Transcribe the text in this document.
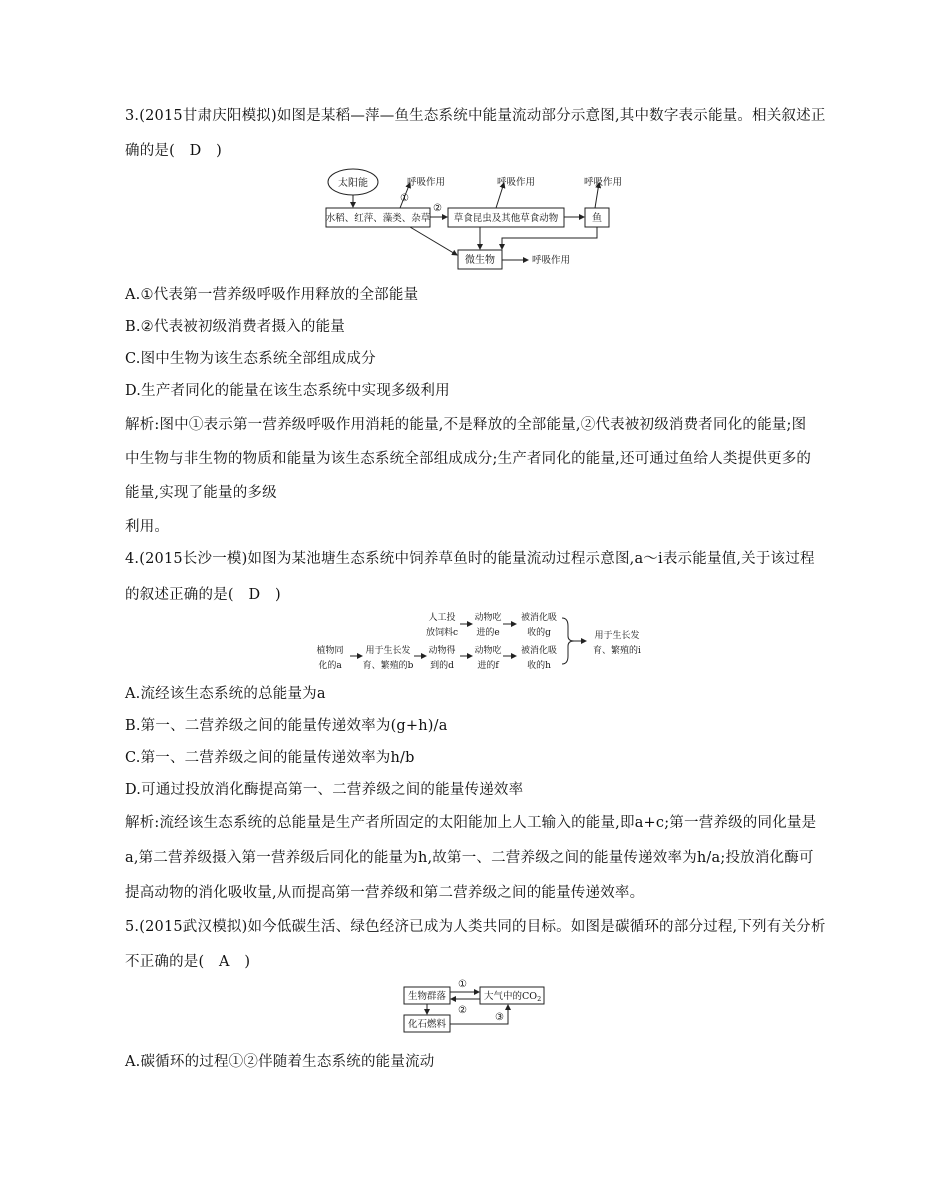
3.(2015甘肃庆阳模拟)如图是某稻—萍—鱼生态系统中能量流动部分示意图,其中数字表示能量。相关叙述正
确的是(　D　)
太阳能
水稻、红萍、藻类、杂草 草食昆虫及其他草食动物	鱼
微生物
呼吸作用	呼吸作用	呼吸作用
呼吸作用
①
②
A.①代表第一营养级呼吸作用释放的全部能量
B.②代表被初级消费者摄入的能量
C.图中生物为该生态系统全部组成成分
D.生产者同化的能量在该生态系统中实现多级利用
解析:图中①表示第一营养级呼吸作用消耗的能量,不是释放的全部能量,②代表被初级消费者同化的能量;图
中生物与非生物的物质和能量为该生态系统全部组成成分;生产者同化的能量,还可通过鱼给人类提供更多的
能量,实现了能量的多级
利用。
4.(2015长沙一模)如图为某池塘生态系统中饲养草鱼时的能量流动过程示意图,a～i表示能量值,关于该过程
的叙述正确的是(　D　)
人工投
放饲料c
动物吃
进的e
被消化吸
收的g
植物同
化的a
用于生长发
育、繁殖的b
动物得
到的d
动物吃
进的f
被消化吸
收的h
用于生长发
育、繁殖的i
A.流经该生态系统的总能量为a
B.第一、二营养级之间的能量传递效率为(g+h)/a
C.第一、二营养级之间的能量传递效率为h/b
D.可通过投放消化酶提高第一、二营养级之间的能量传递效率
解析:流经该生态系统的总能量是生产者所固定的太阳能加上人工输入的能量,即a+c;第一营养级的同化量是
a,第二营养级摄入第一营养级后同化的能量为h,故第一、二营养级之间的能量传递效率为h/a;投放消化酶可
提高动物的消化吸收量,从而提高第一营养级和第二营养级之间的能量传递效率。
5.(2015武汉模拟)如今低碳生活、绿色经济已成为人类共同的目标。如图是碳循环的部分过程,下列有关分析
不正确的是(　A　)
生物群落	大气中的$CO_2$
化石燃料
①
②
③
A.碳循环的过程①②伴随着生态系统的能量流动
